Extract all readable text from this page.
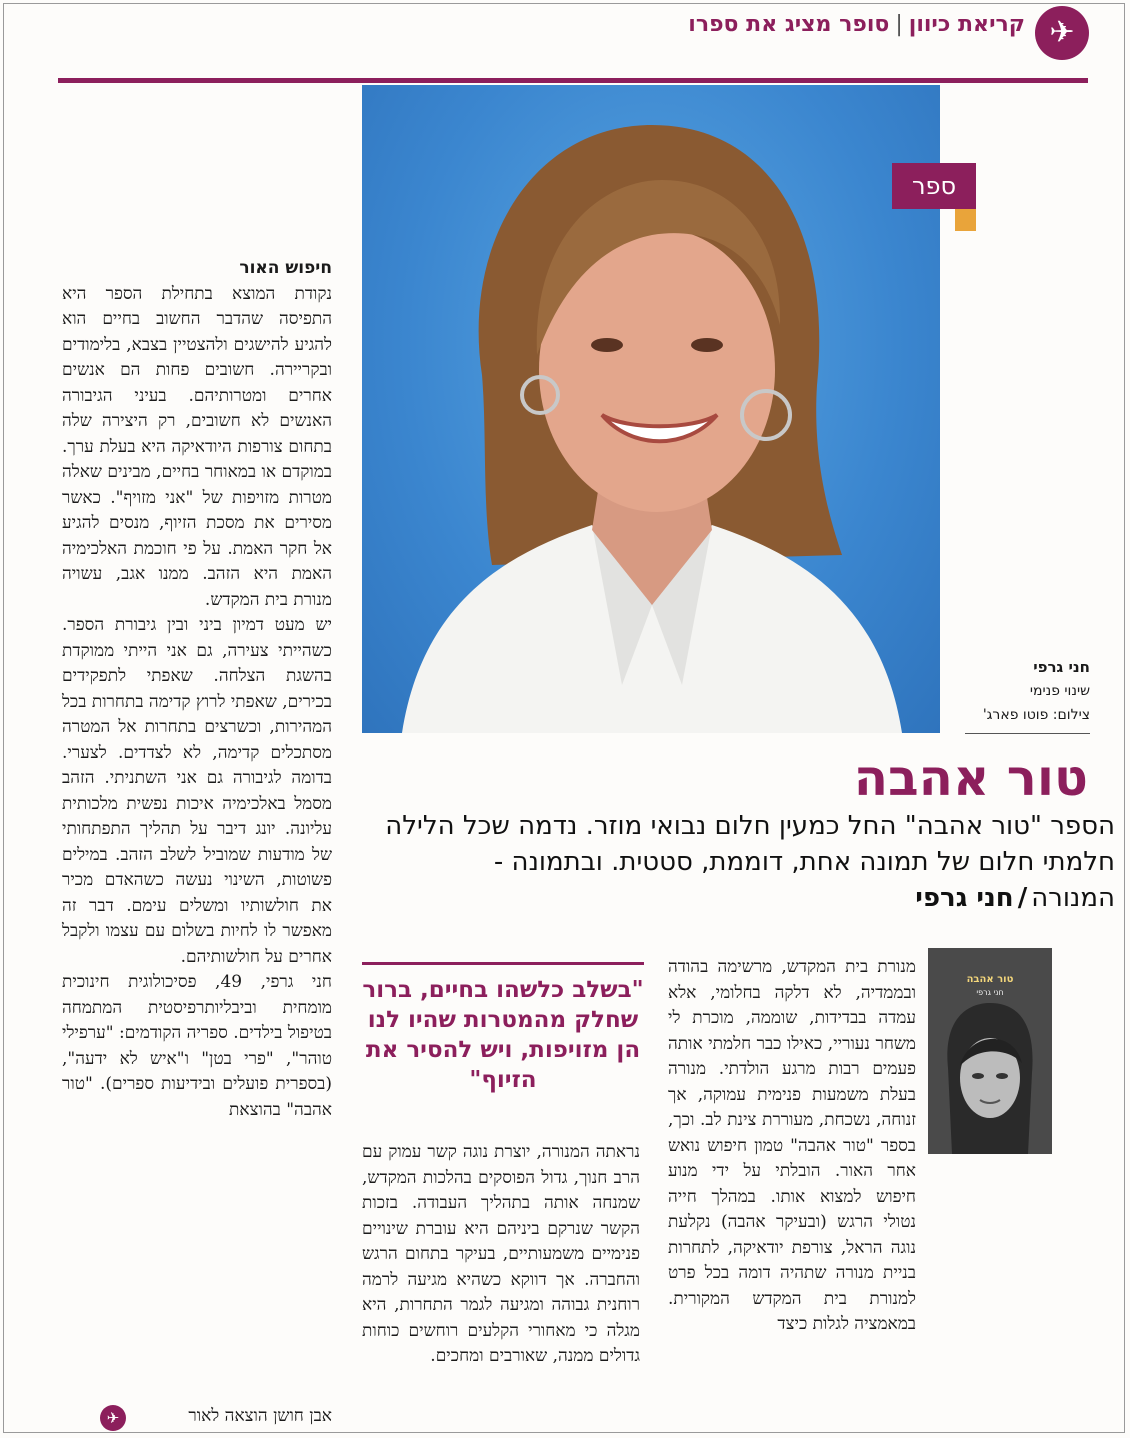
✈
קריאת כיוון|סופר מציג את ספרו
ספר
חני גרפי
שינוי פנימי
צילום: פוטו פארג'
טור אהבה
הספר "טור אהבה" החל כמעין חלום נבואי מוזר. נדמה שכל הלילה חלמתי חלום של תמונה אחת, דוממת, סטטית. ובתמונה - המנורה/חני גרפי
"בשלב כלשהו בחיים, ברור שחלק מהמטרות שהיו לנו הן מזויפות, ויש להסיר את הזיוף"
טור אהבה
חני גרפי

מנורת בית המקדש, מרשימה בהודה ובממדיה, לא דלקה בחלומי, אלא עמדה בבדידות, שוממה, מוכרת לי משחר נעוריי, כאילו כבר חלמתי אותה פעמים רבות מרגע הולדתי. מנורה בעלת משמעות פנימית עמוקה, אך זנוחה, נשכחת, מעוררת צינת לב. וכך, בספר "טור אהבה" טמון חיפוש נואש אחר האור. הובלתי על ידי מנוע חיפוש למצוא אותו. במהלך חייה נטולי הרגש (ובעיקר אהבה) נקלעת נוגה הראל, צורפת יודאיקה, לתחרות בניית מנורה שתהיה דומה בכל פרט למנורת בית המקדש המקורית. במאמציה לגלות כיצד

נראתה המנורה, יוצרת נוגה קשר עמוק עם הרב חנוך, גדול הפוסקים בהלכות המקדש, שמנחה אותה בתהליך העבודה. בזכות הקשר שנרקם ביניהם היא עוברת שינויים פנימיים משמעותיים, בעיקר בתחום הרגש והחברה. אך דווקא כשהיא מגיעה לרמה רוחנית גבוהה ומגיעה לגמר התחרות, היא מגלה כי מאחורי הקלעים רוחשים כוחות גדולים ממנה, שאורבים ומחכים.

חיפוש האור

נקודת המוצא בתחילת הספר היא התפיסה שהדבר החשוב בחיים הוא להגיע להישגים ולהצטיין בצבא, בלימודים ובקריירה. חשובים פחות הם אנשים אחרים ומטרותיהם. בעיני הגיבורה האנשים לא חשובים, רק היצירה שלה בתחום צורפות היודאיקה היא בעלת ערך. במוקדם או במאוחר בחיים, מבינים שאלה מטרות מזויפות של "אני מזויף". כאשר מסירים את מסכת הזיוף, מנסים להגיע אל חקר האמת. על פי חוכמת האלכימיה האמת היא הזהב. ממנו אגב, עשויה מנורת בית המקדש.

יש מעט דמיון ביני ובין גיבורת הספר. כשהייתי צעירה, גם אני הייתי ממוקדת בהשגת הצלחה. שאפתי לתפקידים בכירים, שאפתי לרוץ קדימה בתחרות בכל המהירות, וכשרצים בתחרות אל המטרה מסתכלים קדימה, לא לצדדים. לצערי. בדומה לגיבורה גם אני השתניתי. הזהב מסמל באלכימיה איכות נפשית מלכותית עליונה. יונג דיבר על תהליך התפתחותי של מודעות שמוביל לשלב הזהב. במילים פשוטות, השינוי נעשה כשהאדם מכיר את חולשותיו ומשלים עימם. דבר זה מאפשר לו לחיות בשלום עם עצמו ולקבל אחרים על חולשותיהם.

חני גרפי, 49, פסיכולוגית חינוכית מומחית וביבליותרפיסטית המתמחה בטיפול בילדים. ספריה הקודמים: "ערפילי טוהר", "פרי בטן" ו"איש לא ידעה", (בספרית פועלים ובידיעות ספרים). "טור אהבה" בהוצאת

✈	אבן חושן הוצאה לאור
